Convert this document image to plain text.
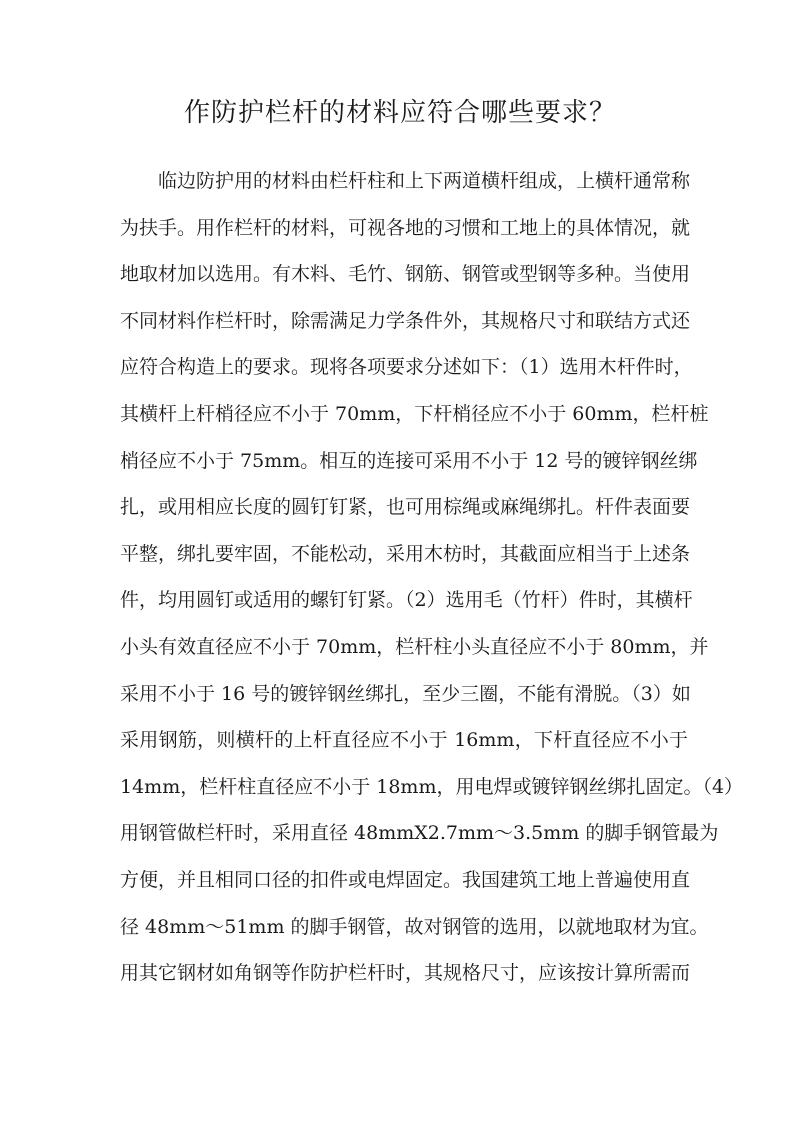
作防护栏杆的材料应符合哪些要求？
临边防护用的材料由栏杆柱和上下两道横杆组成，上横杆通常称
为扶手。用作栏杆的材料，可视各地的习惯和工地上的具体情况，就
地取材加以选用。有木料、毛竹、钢筋、钢管或型钢等多种。当使用
不同材料作栏杆时，除需满足力学条件外，其规格尺寸和联结方式还
应符合构造上的要求。现将各项要求分述如下：（1）选用木杆件时，
其横杆上杆梢径应不小于 70mm，下杆梢径应不小于 60mm，栏杆桩
梢径应不小于 75mm。相互的连接可采用不小于 12 号的镀锌钢丝绑
扎，或用相应长度的圆钉钉紧，也可用棕绳或麻绳绑扎。杆件表面要
平整，绑扎要牢固，不能松动，采用木枋时，其截面应相当于上述条
件，均用圆钉或适用的螺钉钉紧。（2）选用毛（竹杆）件时，其横杆
小头有效直径应不小于 70mm，栏杆柱小头直径应不小于 80mm，并
采用不小于 16 号的镀锌钢丝绑扎，至少三圈，不能有滑脱。（3）如
采用钢筋，则横杆的上杆直径应不小于 16mm，下杆直径应不小于
14mm，栏杆柱直径应不小于 18mm，用电焊或镀锌钢丝绑扎固定。（4）
用钢管做栏杆时，采用直径 48mmX2.7mm～3.5mm 的脚手钢管最为
方便，并且相同口径的扣件或电焊固定。我国建筑工地上普遍使用直
径 48mm～51mm 的脚手钢管，故对钢管的选用，以就地取材为宜。
用其它钢材如角钢等作防护栏杆时，其规格尺寸，应该按计算所需而
